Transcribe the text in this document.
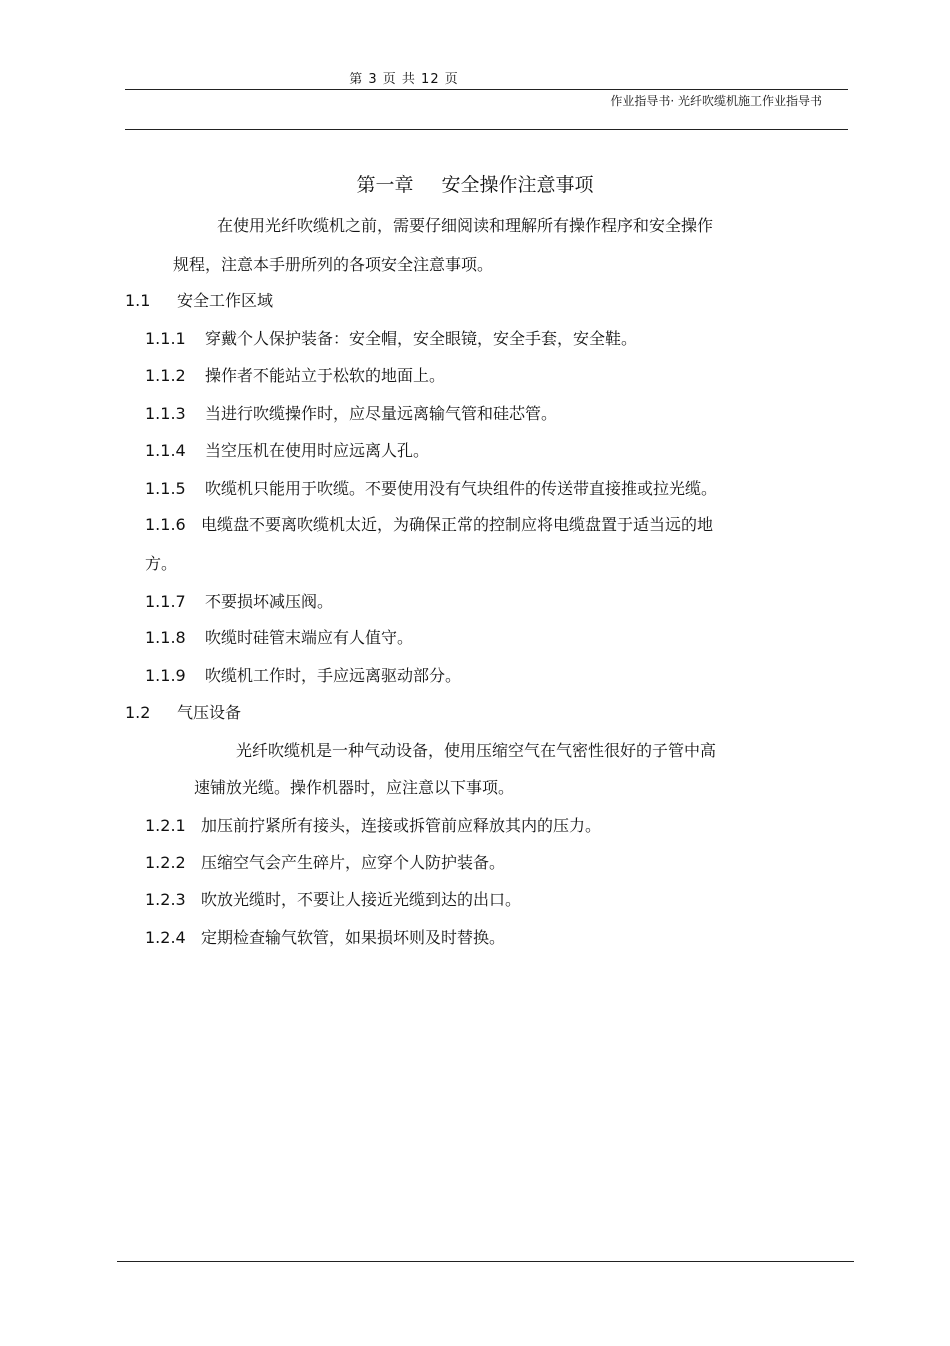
第 3 页 共 12 页
作业指导书· 光纤吹缆机施工作业指导书
第一章 安全操作注意事项
在使用光纤吹缆机之前，需要仔细阅读和理解所有操作程序和安全操作
规程，注意本手册所列的各项安全注意事项。
1.1 安全工作区域
1.1.1 穿戴个人保护装备：安全帽，安全眼镜，安全手套，安全鞋。
1.1.2 操作者不能站立于松软的地面上。
1.1.3 当进行吹缆操作时，应尽量远离输气管和硅芯管。
1.1.4 当空压机在使用时应远离人孔。
1.1.5 吹缆机只能用于吹缆。不要使用没有气块组件的传送带直接推或拉光缆。
1.1.6 电缆盘不要离吹缆机太近，为确保正常的控制应将电缆盘置于适当远的地
方。
1.1.7 不要损坏减压阀。
1.1.8 吹缆时硅管末端应有人值守。
1.1.9 吹缆机工作时，手应远离驱动部分。
1.2 气压设备
光纤吹缆机是一种气动设备，使用压缩空气在气密性很好的子管中高
速铺放光缆。操作机器时，应注意以下事项。
1.2.1 加压前拧紧所有接头，连接或拆管前应释放其内的压力。
1.2.2 压缩空气会产生碎片，应穿个人防护装备。
1.2.3 吹放光缆时，不要让人接近光缆到达的出口。
1.2.4 定期检查输气软管，如果损坏则及时替换。
